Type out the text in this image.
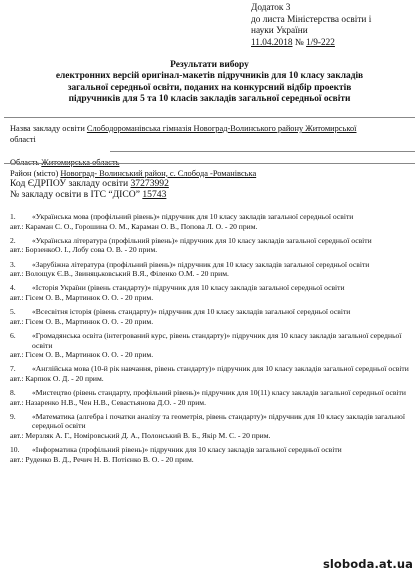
Додаток 3
до листа Міністерства освіти і
науки України
11.04.2018 № 1/9-222
Результати вибору
електронних версій оригінал-макетів підручників для 10 класу закладів
загальної середньої освіти, поданих на конкурсний відбір проектів
підручників для 5 та 10 класів закладів загальної середньої освіти
Назва закладу освіти Слободороманівська гімназія Новоград-Волинського району Житомирської
області
Область Житомирська область
Район (місто) Новоград- Волинський район, с. Слобода -Романівська
Код ЄДРПОУ закладу освіти 37273992
№ закладу освіти в ІТС “ДІСО” 15743
1. «Українська мова (профільний рівень)» підручник для 10 класу закладів загальної середньої освіти
авт.: Караман С. О., Горошина О. М., Караман О. В., Попова Л. О. - 20 прим.
2. «Українська література (профільний рівень)» підручник для 10 класу закладів загальної середньої освіти
авт.: БорзенкоО. І., Лобу сова О. В. - 20 прим.
3. «Зарубіжна література (профільний рівень)» підручник для 10 класу закладів загальної середньої освіти
авт.: Волощук Є.В., Звиняцьковський В.Я., Філенко О.М. - 20 прим.
4. «Історія України (рівень стандарту)» підручник для 10 класу закладів загальної середньої освіти
авт.: Гісем О. В., Мартинюк О. О. - 20 прим.
5. «Всесвітня історія (рівень стандарту)» підручник для 10 класу закладів загальної середньої освіти
авт.: Гісем О. В., Мартинюк О. О. - 20 прим.
6. «Громадянська освіта (інтегрований курс, рівень стандарту)» підручник для 10 класу закладів загальної середньої освіти
авт.: Гісем О. В., Мартинюк О. О. - 20 прим.
7. «Англійська мова (10-й рік навчання, рівень стандарту)» підручник для 10 класу закладів загальної середньої освіти
авт.: Карпюк О. Д. - 20 прим.
8. «Мистецтво (рівень стандарту, профільний рівень)» підручник для 10(11) класу закладів загальної середньої освіти
авт.: Назаренко Н.В., Чен Н.В., Севастьянова Д.О. - 20 прим.
9. «Математика (алгебра і початки аналізу та геометрія, рівень стандарту)» підручник для 10 класу закладів загальної середньої освіти
авт.: Мерзляк А. Г., Номіровський Д. А., Полонський В. Б., Якір М. С. - 20 прим.
10. «Інформатика (профільний рівень)» підручник для 10 класу закладів загальної середньої освіти
авт.: Руденко В. Д., Речич Н. В. Потієнко В. О. - 20 прим.
sloboda.at.ua
